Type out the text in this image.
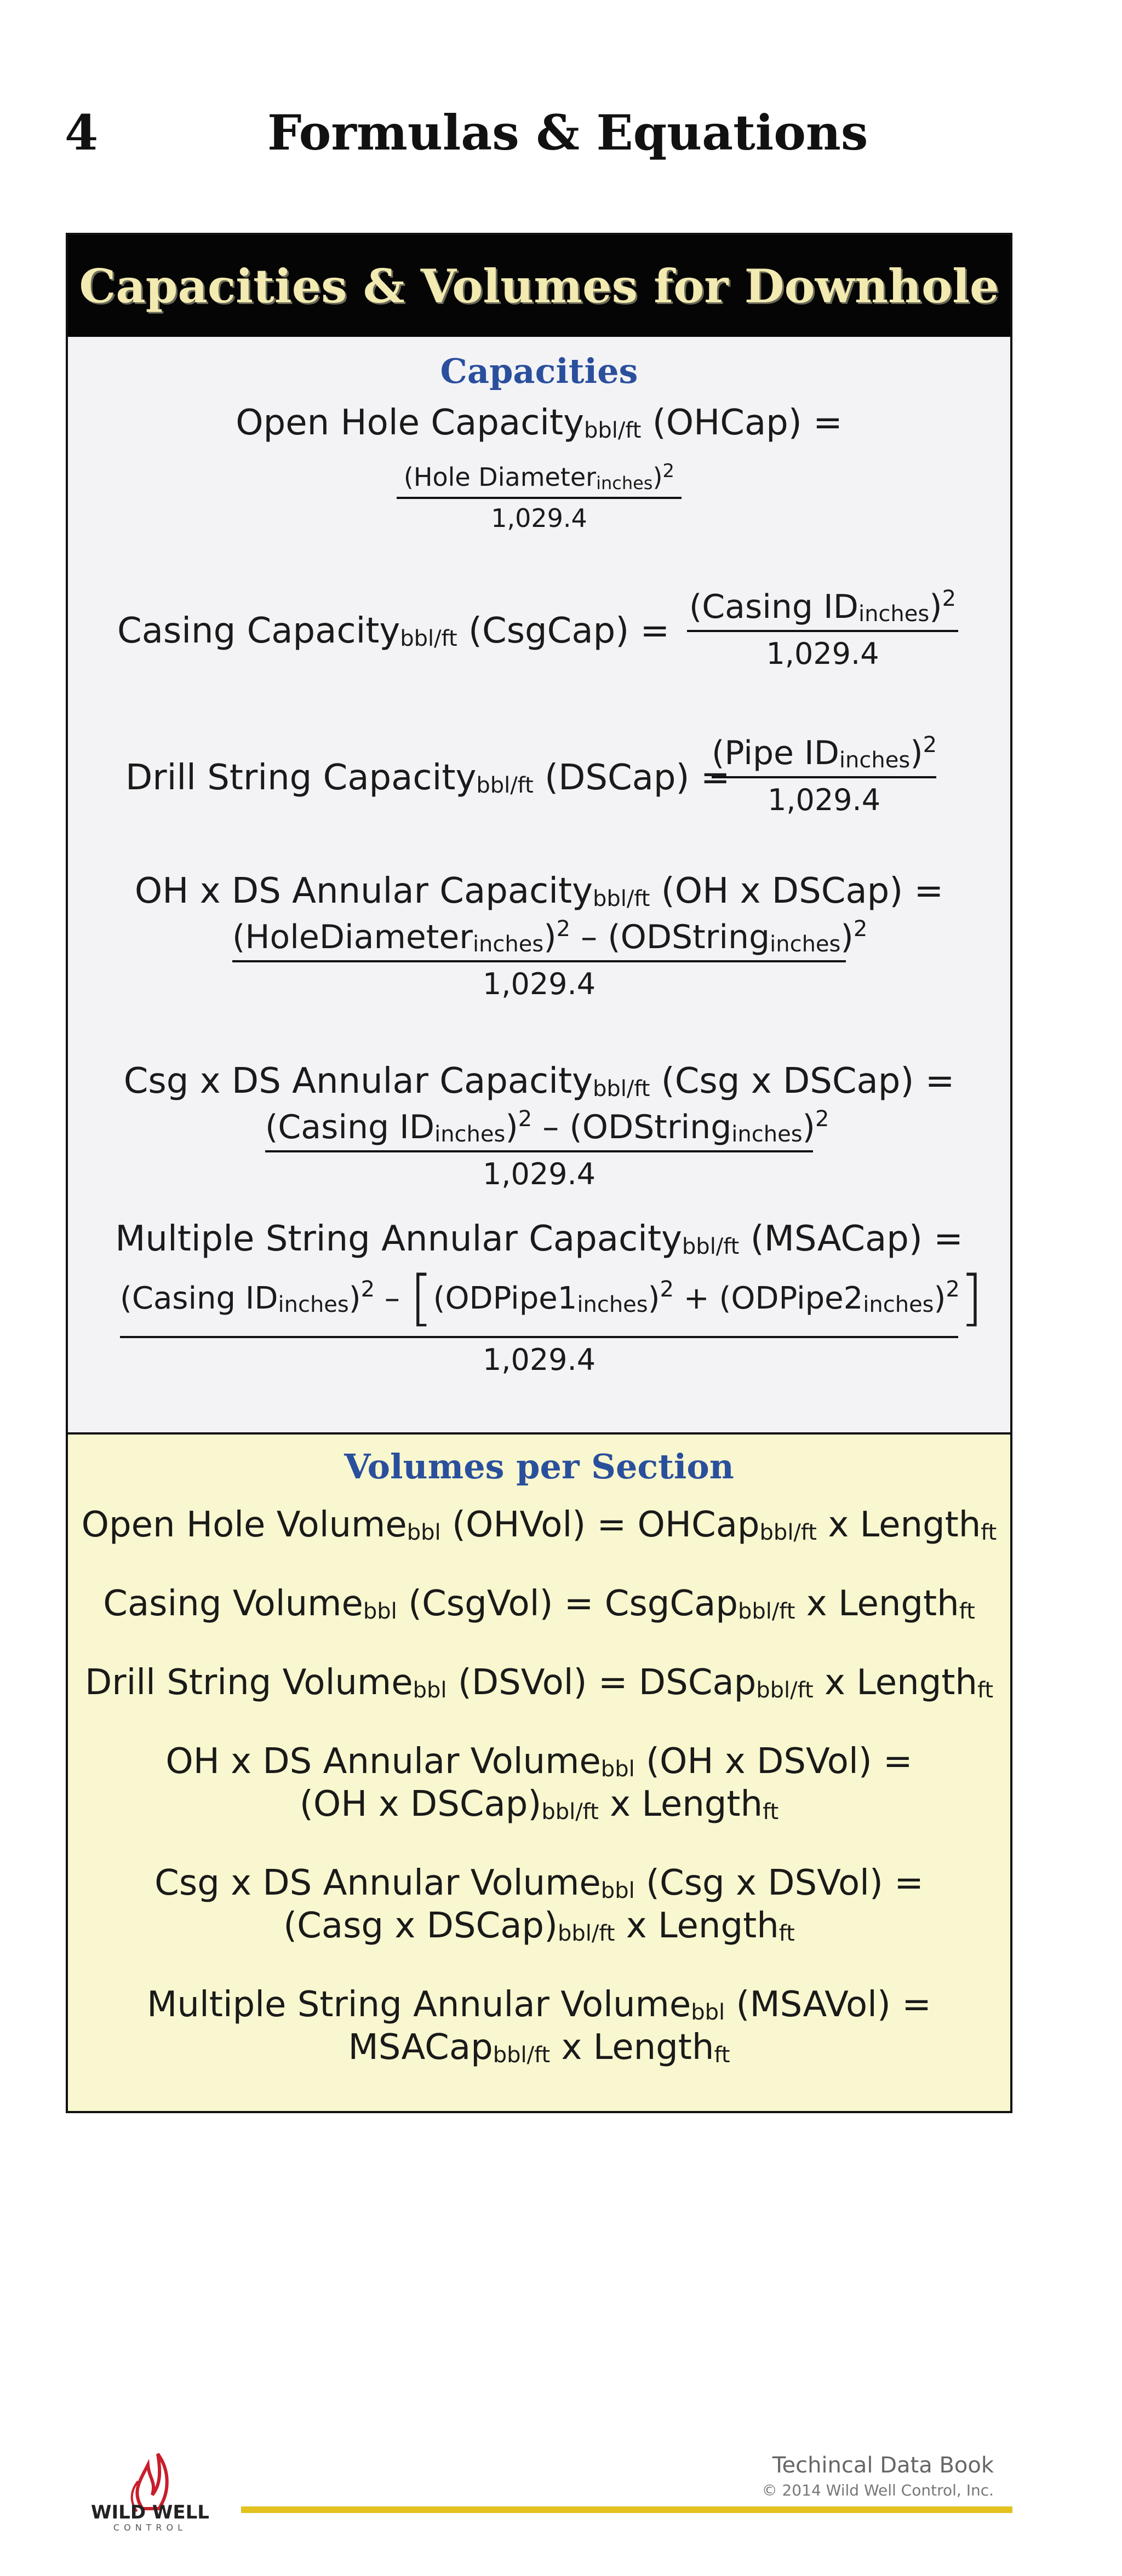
4	Formulas & Equations
Capacities & Volumes for Downhole
Capacities
Open Hole Capacitybbl/ft (OHCap) =
(Hole Diameterinches)$^2$
1,029.4
Casing Capacitybbl/ft (CsgCap) =
(Casing IDinches)$^2$
1,029.4
Drill String Capacitybbl/ft (DSCap) =
(Pipe IDinches)$^2$
1,029.4
OH x DS Annular Capacitybbl/ft (OH x DSCap) =
(HoleDiameterinches)$^2$ – (ODStringinches)$^2$
1,029.4
Csg x DS Annular Capacitybbl/ft (Csg x DSCap) =
(Casing IDinches)$^2$ – (ODStringinches)$^2$
1,029.4
Multiple String Annular Capacitybbl/ft (MSACap) =
(Casing IDinches)$^2$ – [(ODPipe1inches)$^2$ + (ODPipe2inches)$^2$]
1,029.4
Volumes per Section
Open Hole Volumebbl (OHVol) = OHCapbbl/ft x Lengthft
Casing Volumebbl (CsgVol) = CsgCapbbl/ft x Lengthft
Drill String Volumebbl (DSVol) = DSCapbbl/ft x Lengthft
OH x DS Annular Volumebbl (OH x DSVol) =
(OH x DSCap)bbl/ft x Lengthft
Csg x DS Annular Volumebbl (Csg x DSVol) =
(Casg x DSCap)bbl/ft x Lengthft
Multiple String Annular Volumebbl (MSAVol) =
MSACapbbl/ft x Lengthft
WILD WELL
CONTROL
Techincal Data Book
© 2014 Wild Well Control, Inc.
